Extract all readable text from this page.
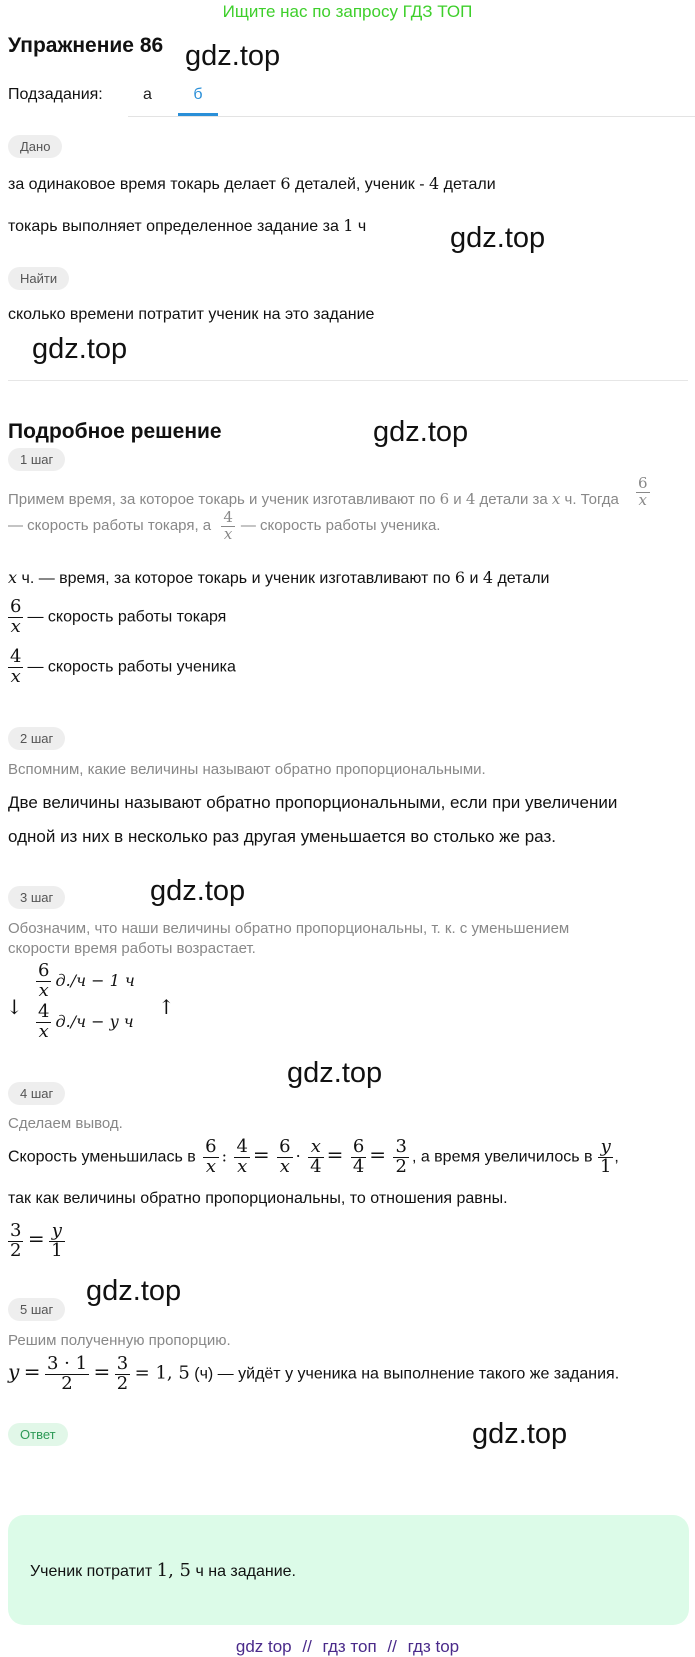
Ищите нас по запросу ГДЗ ТОП
Упражнение 86 gdz.top
gdz.top
gdz.top
gdz.top
gdz.top
gdz.top
gdz.top
gdz.top
Подзадания:	а	б
Дано
за одинаковое время токарь делает 6 деталей, ученик - 4 детали
токарь выполняет определенное задание за 1 ч
Найти
сколько времени потратит ученик на это задание
Подробное решение
1 шаг
Примем время, за которое токарь и ученик изготавливают по 6 и 4 детали за x ч. Тогда $\frac{6}{x}$
— скорость работы токаря, а $\frac{4}{x}$ — скорость работы ученика.
x ч. — время, за которое токарь и ученик изготавливают по 6 и 4 детали
$\frac{6}{x}$ — скорость работы токаря
$\frac{4}{x}$ — скорость работы ученика
2 шаг
Вспомним, какие величины называют обратно пропорциональными.
Две величины называют обратно пропорциональными, если при увеличении
одной из них в несколько раз другая уменьшается во столько же раз.
3 шаг
Обозначим, что наши величины обратно пропорциональны, т. к. с уменьшением
скорости время работы возрастает.
↓	↑
$\frac{6}{x} д./ч - 1$ ч
$\frac{4}{x} д./ч - y$ ч
4 шаг
Сделаем вывод.
Скорость уменьшилась в $\frac{6}{x}$ : $\frac{4}{x} = \frac{6}{x} \cdot \frac{x}{4} = \frac{6}{4} = \frac{3}{2}$ , а время увеличилось в $\frac{y}{1}$ ,
так как величины обратно пропорциональны, то отношения равны.
$\frac{3}{2} = \frac{y}{1}$
5 шаг
Решим полученную пропорцию.
$y = \frac{3 \cdot 1}{2} = \frac{3}{2} = 1$, 5 (ч) — уйдёт у ученика на выполнение такого же задания.
Ответ
Ученик потратит 1, 5 ч на задание.
gdz top // гдз топ // гдз top
